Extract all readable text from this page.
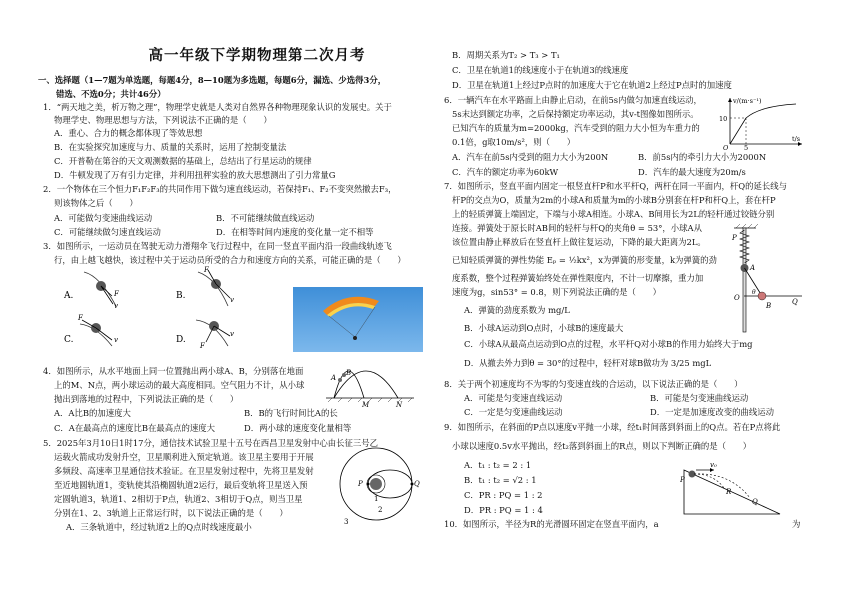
高一年级下学期物理第二次月考
一、选择题（1—7题为单选题，每题4分，8—10题为多选题，每题6分，漏选、少选得3分，
错选、不选0分；共计46分）
1．“两天地之美，析万物之理”，物理学史就是人类对自然界各种物理现象认识的发展史。关于
物理学史、物理思想与方法，下列说法不正确的是（　　）
A．重心、合力的概念都体现了等效思想
B．在实验探究加速度与力、质量的关系时，运用了控制变量法
C．开普勒在第谷的天文观测数据的基础上，总结出了行星运动的规律
D．牛顿发现了万有引力定律，并利用扭秤实验的放大思想测出了引力常量G
2．一个物体在三个恒力F₁F₂F₃的共同作用下做匀速直线运动，若保持F₁、F₂不变突然撤去F₃，
则该物体之后（　　）
A．可能做匀变速曲线运动	B．不可能继续做直线运动
C．可能继续做匀速直线运动	D．在相等时间内速度的变化量一定不相等
3．如图所示，一运动员在驾驶无动力滑翔伞飞行过程中，在同一竖直平面内沿一段曲线轨迹飞
行，由上越飞越快，该过程中关于运动员所受的合力和速度方向的关系，可能正确的是（　　）
A.	F
v
B.
F
v
C.
F
v	D.
F
v
4．如图所示，从水平地面上同一位置抛出两小球A、B，分别落在地面
上的M、N点，两小球运动的最大高度相同。空气阻力不计，从小球
抛出到落地的过程中，下列说法正确的是（　　）
A．A比B的加速度大	B．B的飞行时间比A的长
C．A在最高点的速度比B在最高点的速度大	D．两小球的速度变化量相等
5．2025年3月10日1时17分，通信技术试验卫星十五号在西昌卫星发射中心由长征三号乙
运载火箭成功发射升空，卫星顺利进入预定轨道。该卫星主要用于开展
多频段、高速率卫星通信技术验证。在卫星发射过程中，先将卫星发射
至近地圆轨道1，变轨使其沿椭圆轨道2运行，最后变轨将卫星送入预
定圆轨道3，轨道1、2相切于P点，轨道2、3相切于Q点，则当卫星
分别在1、2、3轨道上正常运行时，以下说法正确的是（　　）
A．三条轨道中，经过轨道2上的Q点时线速度最小
A
B
M	N
P	Q
1
2
3
B．周期关系为T₂ > T₃ > T₁
C．卫星在轨道1的线速度小于在轨道3的线速度
D．卫星在轨道1上经过P点时的加速度大于它在轨道2上经过P点时的加速度
6．一辆汽车在水平路面上由静止启动，在前5s内做匀加速直线运动，
5s末达到额定功率，之后保持额定功率运动，其v-t图像如图所示。
已知汽车的质量为m=2000kg，汽车受到的阻力大小恒为车重力的
0.1倍，g取10m/s²，则（　　）
A．汽车在前5s内受到的阻力大小为200N	B．前5s内的牵引力大小为2000N
C．汽车的额定功率为60kW	D．汽车的最大速度为20m/s
7．如图所示，竖直平面内固定一根竖直杆P和水平杆Q，两杆在同一平面内，杆Q的延长线与
杆P的交点为O，质量为2m的小球A和质量为m的小球B分别套在杆P和杆Q上，套在杆P
上的轻质弹簧上端固定，下端与小球A相连。小球A、B间用长为2L的轻杆通过铰链分别
连接。弹簧处于原长时AB间的轻杆与杆Q的夹角θ = 53°，小球A从
该位置由静止释放后在竖直杆上做往复运动，下降的最大距离为2L。
已知轻质弹簧的弹性势能 Eₚ = ½kx²，x为弹簧的形变量，k为弹簧的劲
度系数，整个过程弹簧始终处在弹性限度内，不计一切摩擦，重力加
速度为g，sin53° = 0.8，则下列说法正确的是（　　）
A．弹簧的劲度系数为 mg/L
B．小球A运动到O点时，小球B的速度最大
C．小球A从最高点运动到O点的过程，水平杆Q对小球B的作用力始终大于mg
D．从撤去外力到θ = 30°的过程中，轻杆对球B做功为 3/25 mgL
8．关于两个初速度均不为零的匀变速直线的合运动，以下说法正确的是（　　）
A．可能是匀变速直线运动	B．可能是匀变速曲线运动
C．一定是匀变速曲线运动	D．一定是加速度改变的曲线运动
9．如图所示，在斜面的P点以速度v平抛一小球，经t₁时间落到斜面上的Q点。若在P点将此
小球以速度0.5v水平抛出，经t₂落到斜面上的R点，则以下判断正确的是（　　）
A．t₁ : t₂ = 2 : 1
B．t₁ : t₂ = √2 : 1
C．PR : PQ = 1 : 2
D．PR : PQ = 1 : 4
10．如图所示，半径为R的光滑圆环固定在竖直平面内，a	为
v/(m·s⁻¹)
10
O 5
t/s
P
A
O
B	Q
θ
P
v₀
R
Q
